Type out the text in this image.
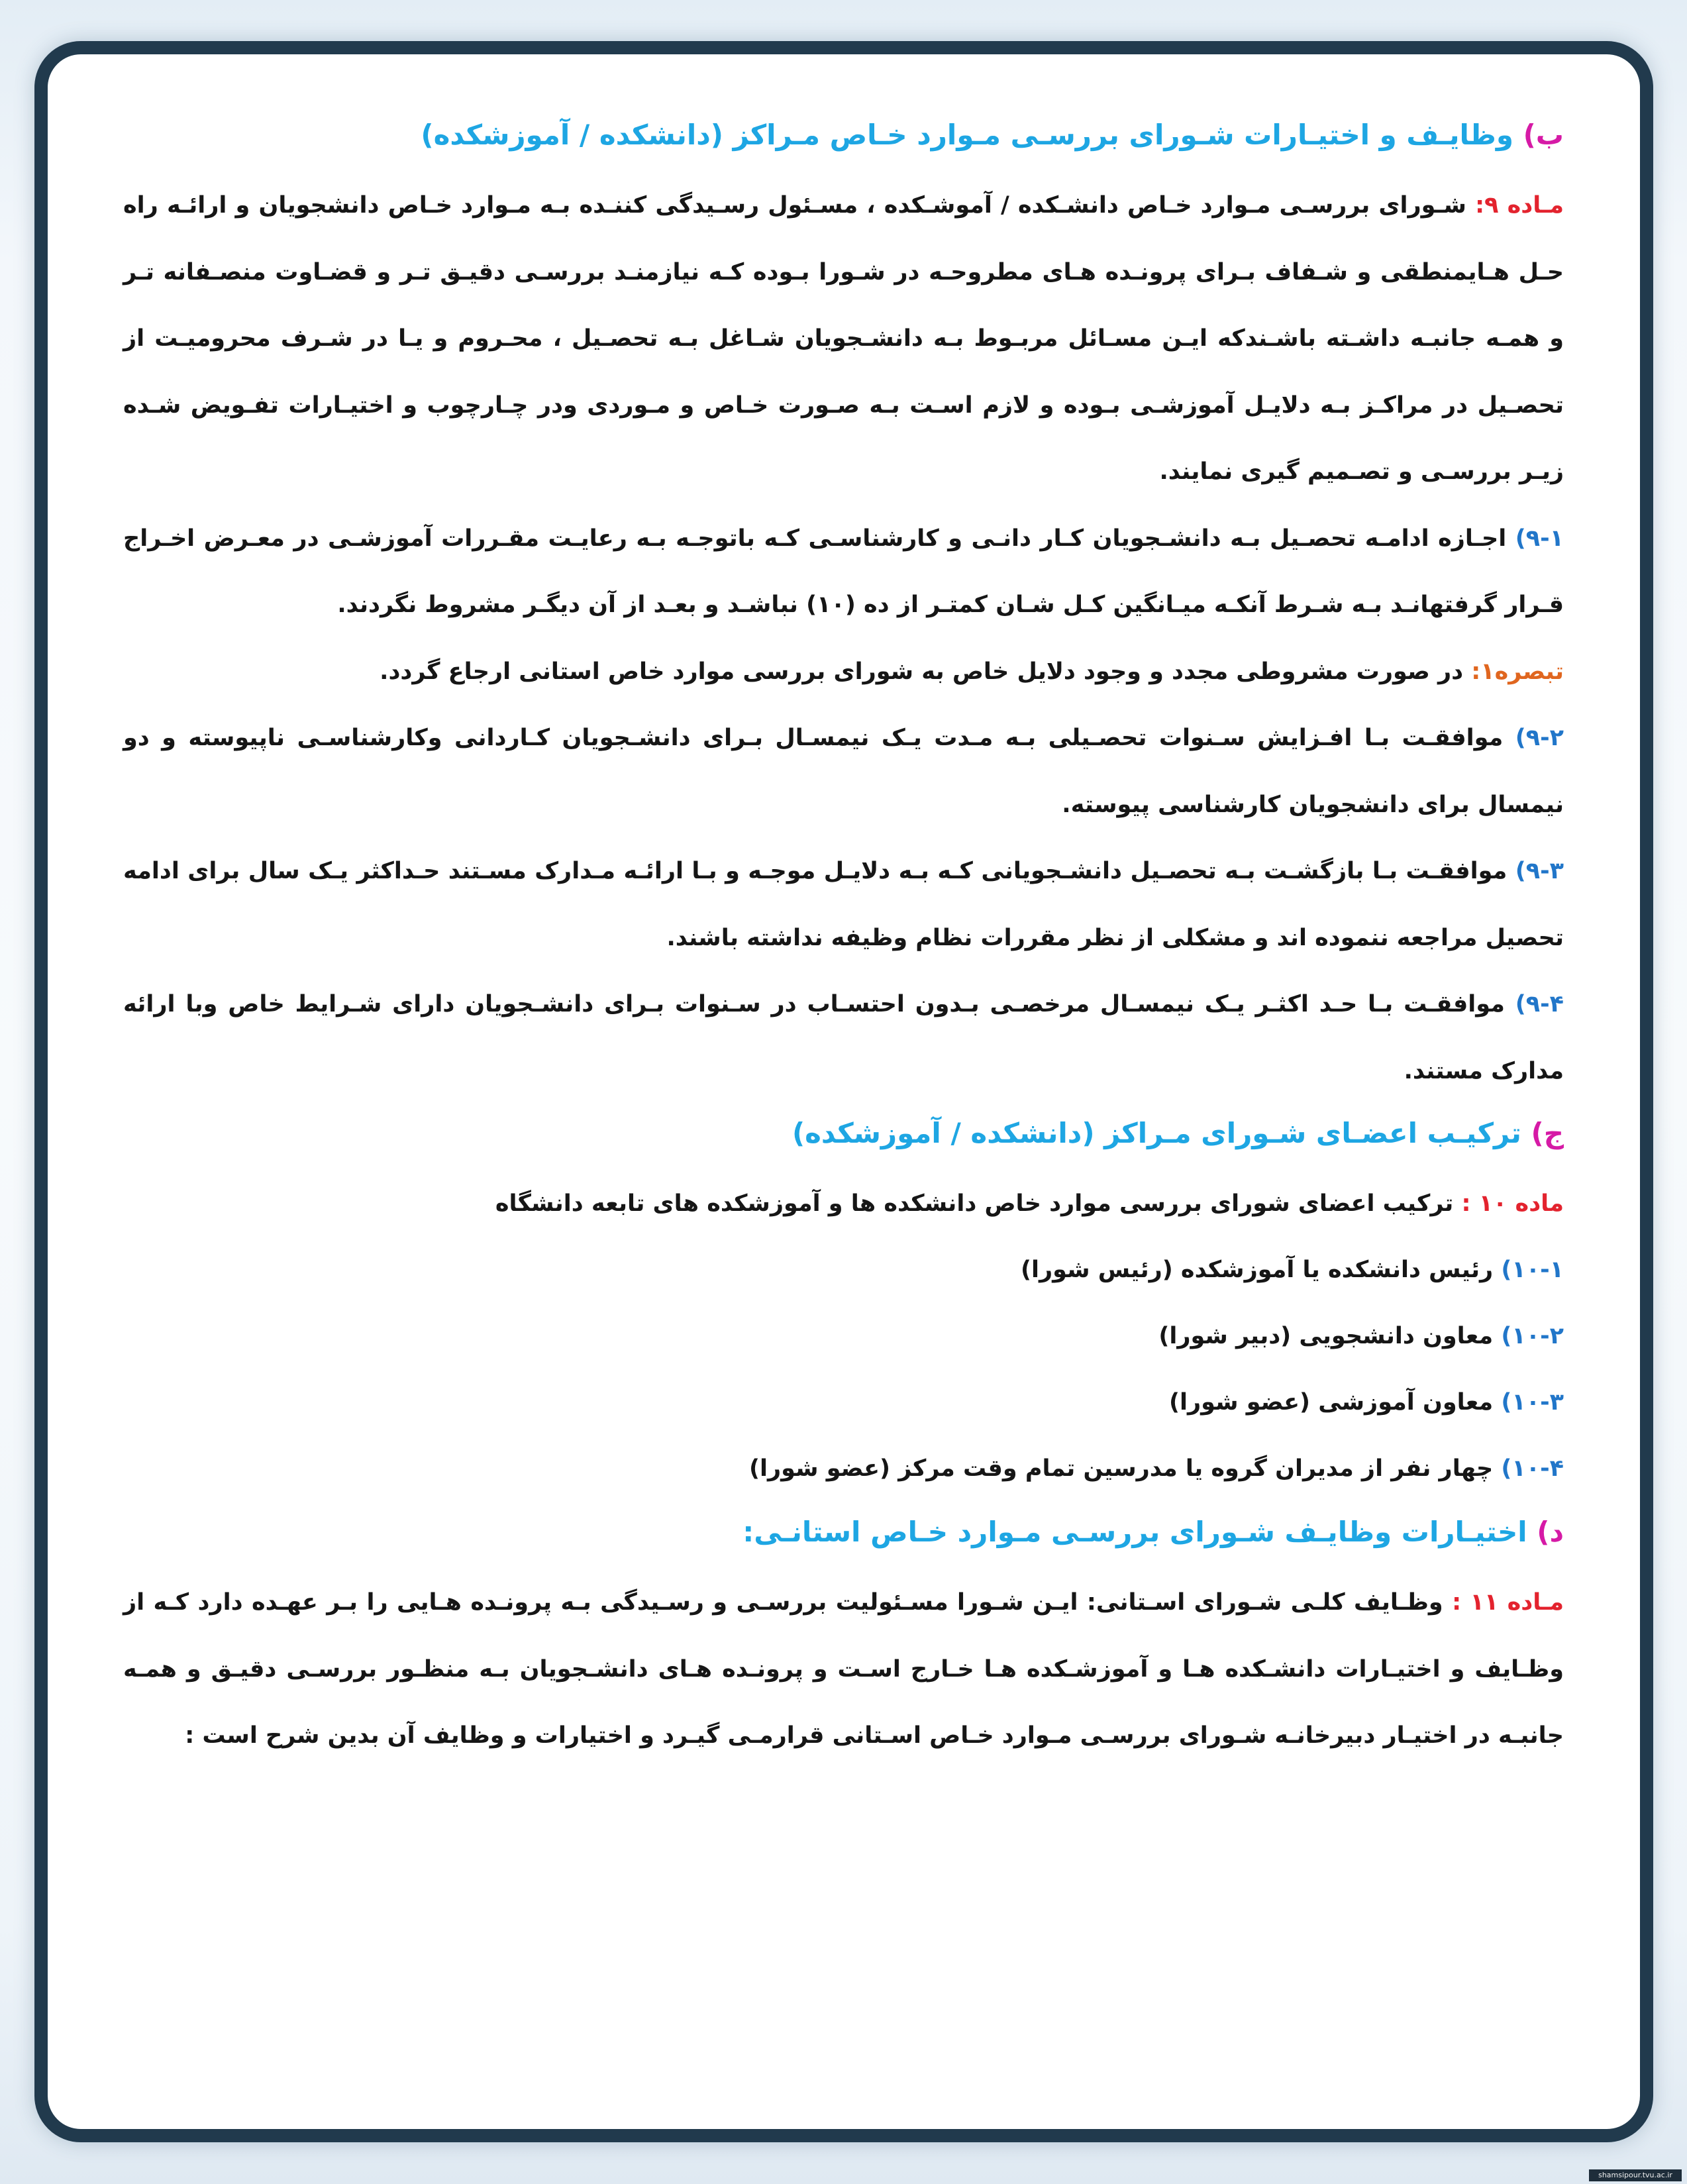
ب) وظایـف و اختیـارات شـورای بررسـی مـوارد خـاص مـراکز (دانشکده / آموزشکده)

مـاده ۹: شـورای بررسـی مـوارد خـاص دانشـکده / آموشـکده ، مسـئول رسـیدگی کننـده بـه مـوارد خـاص دانشجویان و ارائـه راه حـل هـایمنطقی و شـفاف بـرای پرونـده هـای مطروحـه در شـورا بـوده کـه نیازمنـد بررسـی دقیـق تـر و قضـاوت منصـفانه تـر و همـه جانبـه داشـته باشـندکه ایـن مسـائل مربـوط بـه دانشـجویان شـاغل بـه تحصـیل ، محـروم و یـا در شـرف محرومیـت از تحصـیل در مراکـز بـه دلایـل آموزشـی بـوده و لازم اسـت بـه صـورت خـاص و مـوردی ودر چـارچوب و اختیـارات تفـویض شـده زیـر بررسـی و تصـمیم گیری نمایند.

۹-۱) اجـازه ادامـه تحصـیل بـه دانشـجویان کـار دانـی و کارشناسـی کـه باتوجـه بـه رعایـت مقـررات آموزشـی در معـرض اخـراج قـرار گرفتهانـد بـه شـرط آنکـه میـانگین کـل شـان کمتـر از ده (۱۰) نباشـد و بعـد از آن دیگـر مشروط نگردند.

تبصره۱: در صورت مشروطی مجدد و وجود دلایل خاص به شورای بررسی موارد خاص استانی ارجاع گردد.

۹-۲) موافقـت بـا افـزایش سـنوات تحصـیلی بـه مـدت یـک نیمسـال بـرای دانشـجویان کـاردانی وکارشناسـی ناپیوسته و دو نیمسال برای دانشجویان کارشناسی پیوسته.

۹-۳) موافقـت بـا بازگشـت بـه تحصـیل دانشـجویانی کـه بـه دلایـل موجـه و بـا ارائـه مـدارک مسـتند حـداکثر یـک سال برای ادامه تحصیل مراجعه ننموده اند و مشکلی از نظر مقررات نظام وظیفه نداشته باشند.

۹-۴) موافقـت بـا حـد اکثـر یـک نیمسـال مرخصـی بـدون احتسـاب در سـنوات بـرای دانشـجویان دارای شـرایط خاص وبا ارائه مدارک مستند.

ج) ترکیـب اعضـای شـورای مـراکز (دانشکده / آموزشکده)

ماده ۱۰ : ترکیب اعضای شورای بررسی موارد خاص دانشکده ها و آموزشکده های تابعه دانشگاه

۱۰-۱) رئیس دانشکده یا آموزشکده (رئیس شورا)

۱۰-۲) معاون دانشجویی (دبیر شورا)

۱۰-۳) معاون آموزشی (عضو شورا)

۱۰-۴) چهار نفر از مدیران گروه یا مدرسین تمام وقت مرکز (عضو شورا)

د) اختیـارات وظایـف شـورای بررسـی مـوارد خـاص استانـی:

مـاده ۱۱ : وظـایف کلـی شـورای اسـتانی: ایـن شـورا مسـئولیت بررسـی و رسـیدگی بـه پرونـده هـایی را بـر عهـده دارد کـه از وظـایف و اختیـارات دانشـکده هـا و آموزشـکده هـا خـارج اسـت و پرونـده هـای دانشـجویان بـه منظـور بررسـی دقیـق و همـه جانبـه در اختیـار دبیرخانـه شـورای بررسـی مـوارد خـاص اسـتانی قرارمـی گیـرد و اختیارات و وظایف آن بدین شرح است :

shamsipour.tvu.ac.ir
